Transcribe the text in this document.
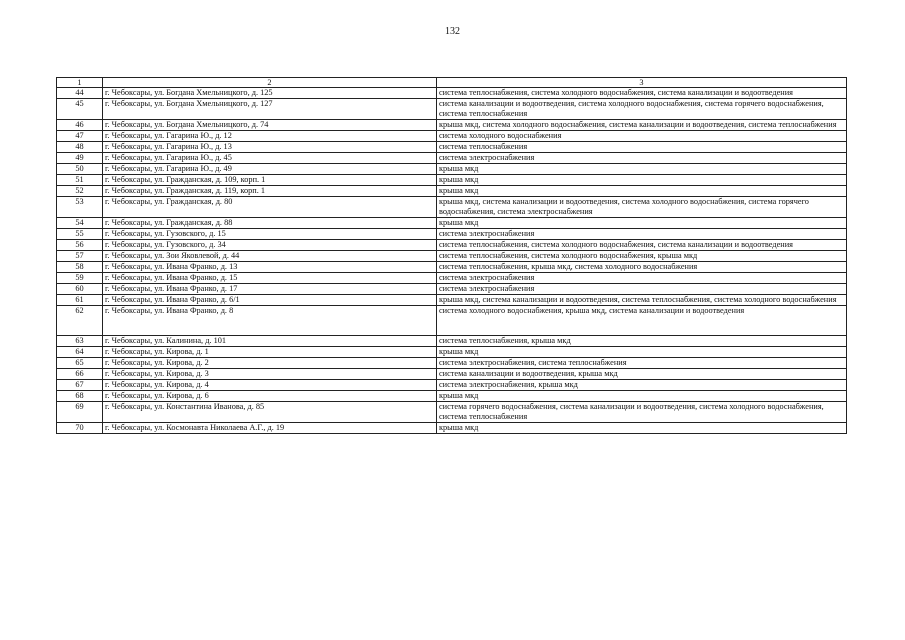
132
1	2	3
44	г. Чебоксары, ул. Богдана Хмельницкого, д. 125	система теплоснабжения, система холодного водоснабжения, система канализации и водоотведения
45	г. Чебоксары, ул. Богдана Хмельницкого, д. 127	система канализации и водоотведения, система холодного водоснабжения, система горячего водоснабжения, система теплоснабжения
46	г. Чебоксары, ул. Богдана Хмельницкого, д. 74	крыша мкд, система холодного водоснабжения, система канализации и водоотведения, система теплоснабжения
47	г. Чебоксары, ул. Гагарина Ю., д. 12	система холодного водоснабжения
48	г. Чебоксары, ул. Гагарина Ю., д. 13	система теплоснабжения
49	г. Чебоксары, ул. Гагарина Ю., д. 45	система электроснабжения
50	г. Чебоксары, ул. Гагарина Ю., д. 49	крыша мкд
51	г. Чебоксары, ул. Гражданская, д. 109, корп. 1	крыша мкд
52	г. Чебоксары, ул. Гражданская, д. 119, корп. 1	крыша мкд
53	г. Чебоксары, ул. Гражданская, д. 80	крыша мкд, система канализации и водоотведения, система холодного водоснабжения, система горячего водоснабжения, система электроснабжения
54	г. Чебоксары, ул. Гражданская, д. 88	крыша мкд
55	г. Чебоксары, ул. Гузовского, д. 15	система электроснабжения
56	г. Чебоксары, ул. Гузовского, д. 34	система теплоснабжения, система холодного водоснабжения, система канализации и водоотведения
57	г. Чебоксары, ул. Зои Яковлевой, д. 44	система теплоснабжения, система холодного водоснабжения, крыша мкд
58	г. Чебоксары, ул. Ивана Франко, д. 13	система теплоснабжения, крыша мкд, система холодного водоснабжения
59	г. Чебоксары, ул. Ивана Франко, д. 15	система электроснабжения
60	г. Чебоксары, ул. Ивана Франко, д. 17	система электроснабжения
61	г. Чебоксары, ул. Ивана Франко, д. 6/1	крыша мкд, система канализации и водоотведения, система теплоснабжения, система холодного водоснабжения
62	г. Чебоксары, ул. Ивана Франко, д. 8	система холодного водоснабжения, крыша мкд, система канализации и водоотведения
63	г. Чебоксары, ул. Калинина, д. 101	система теплоснабжения, крыша мкд
64	г. Чебоксары, ул. Кирова, д. 1	крыша мкд
65	г. Чебоксары, ул. Кирова, д. 2	система электроснабжения, система теплоснабжения
66	г. Чебоксары, ул. Кирова, д. 3	система канализации и водоотведения, крыша мкд
67	г. Чебоксары, ул. Кирова, д. 4	система электроснабжения, крыша мкд
68	г. Чебоксары, ул. Кирова, д. 6	крыша мкд
69	г. Чебоксары, ул. Константина Иванова, д. 85	система горячего водоснабжения, система канализации и водоотведения, система холодного водоснабжения, система теплоснабжения
70	г. Чебоксары, ул. Космонавта Николаева А.Г., д. 19	крыша мкд
